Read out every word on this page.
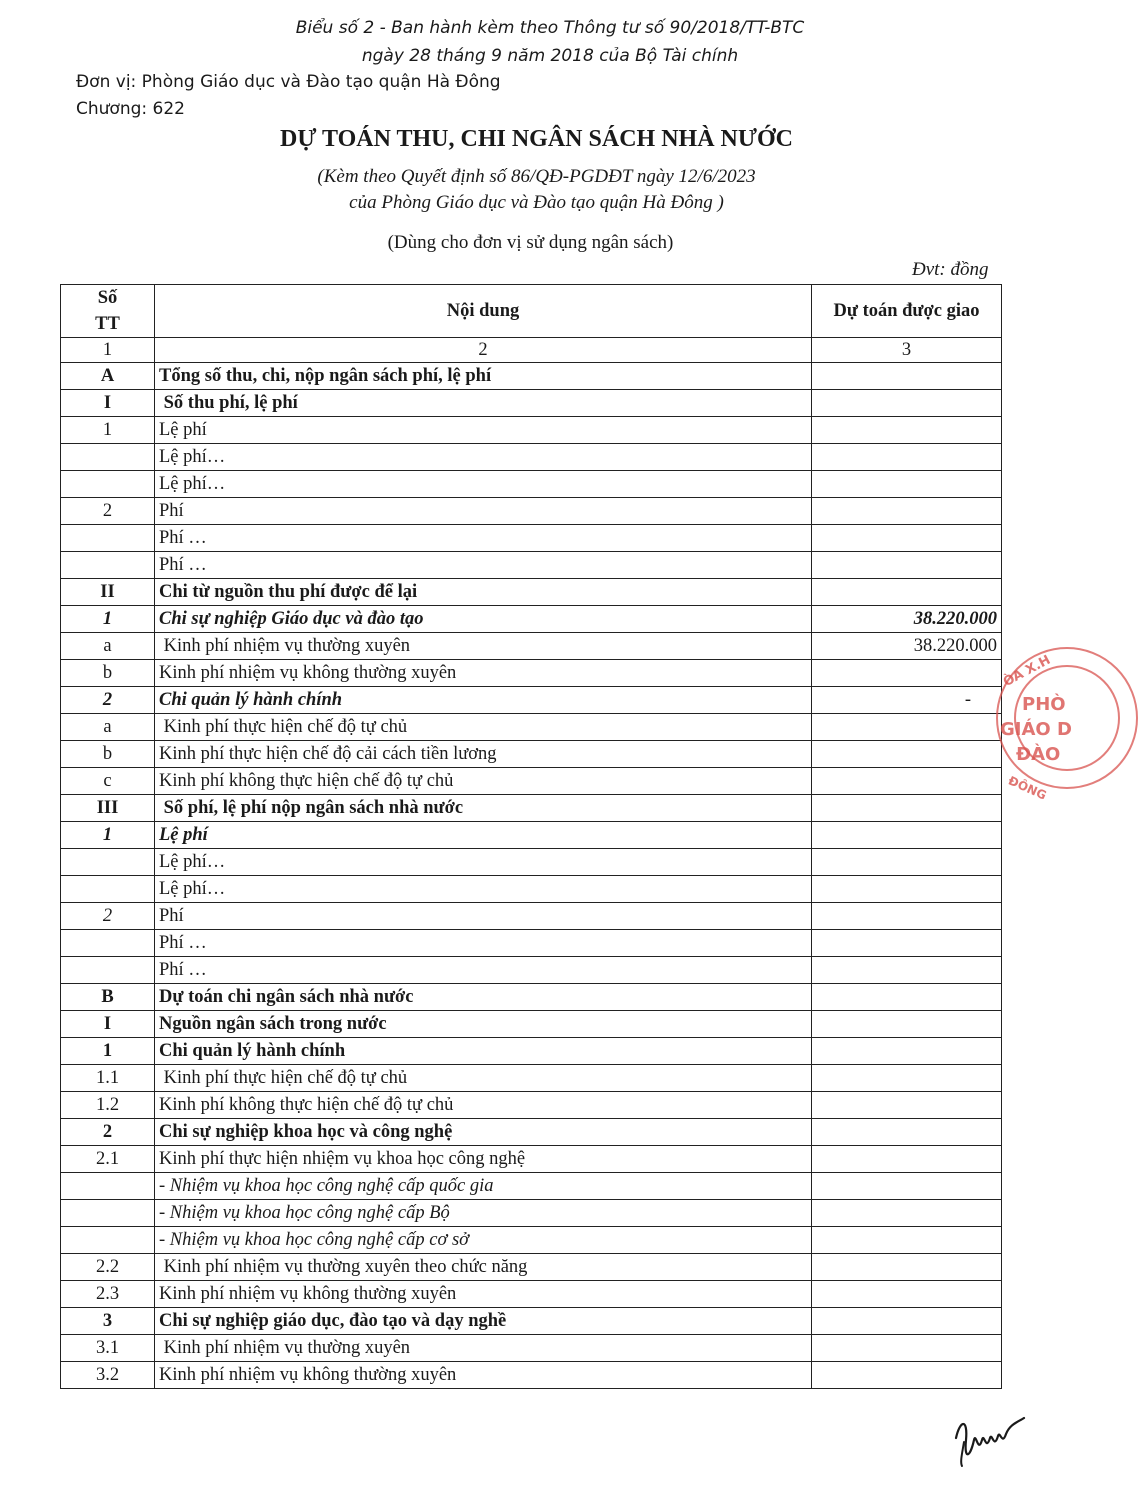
Biểu số 2 - Ban hành kèm theo Thông tư số 90/2018/TT-BTC
ngày 28 tháng 9 năm 2018 của Bộ Tài chính
Đơn vị: Phòng Giáo dục và Đào tạo quận Hà Đông
Chương: 622
DỰ TOÁN THU, CHI NGÂN SÁCH NHÀ NƯỚC
(Kèm theo Quyết định số 86/QĐ-PGDĐT ngày 12/6/2023
của Phòng Giáo dục và Đào tạo quận Hà Đông )
(Dùng cho đơn vị sử dụng ngân sách)
Đvt: đồng
Số
TT	Nội dung	Dự toán được giao
1	2	3
A	Tổng số thu, chi, nộp ngân sách phí, lệ phí	
I	Số thu phí, lệ phí	
1	Lệ phí	
	Lệ phí…	
	Lệ phí…	
2	Phí	
	Phí …	
	Phí …	
II	Chi từ nguồn thu phí được để lại	
1	Chi sự nghiệp Giáo dục và đào tạo	38.220.000
a	Kinh phí nhiệm vụ thường xuyên	38.220.000
b	Kinh phí nhiệm vụ không thường xuyên	
2	Chi quản lý hành chính	-
a	Kinh phí thực hiện chế độ tự chủ	
b	Kinh phí thực hiện chế độ cải cách tiền lương	
c	Kinh phí không thực hiện chế độ tự chủ	
III	Số phí, lệ phí nộp ngân sách nhà nước	
1	Lệ phí	
	Lệ phí…	
	Lệ phí…	
2	Phí	
	Phí …	
	Phí …	
B	Dự toán chi ngân sách nhà nước	
I	Nguồn ngân sách trong nước	
1	Chi quản lý hành chính	
1.1	Kinh phí thực hiện chế độ tự chủ	
1.2	Kinh phí không thực hiện chế độ tự chủ	
2	Chi sự nghiệp khoa học và công nghệ	
2.1	Kinh phí thực hiện nhiệm vụ khoa học công nghệ	
	- Nhiệm vụ khoa học công nghệ cấp quốc gia	
	- Nhiệm vụ khoa học công nghệ cấp Bộ	
	- Nhiệm vụ khoa học công nghệ cấp cơ sở	
2.2	Kinh phí nhiệm vụ thường xuyên theo chức năng	
2.3	Kinh phí nhiệm vụ không thường xuyên	
3	Chi sự nghiệp giáo dục, đào tạo và dạy nghề	
3.1	Kinh phí nhiệm vụ thường xuyên	
3.2	Kinh phí nhiệm vụ không thường xuyên	
ÒA X.H
PHÒ
GIÁO D
ĐÀO
ĐÔNG
